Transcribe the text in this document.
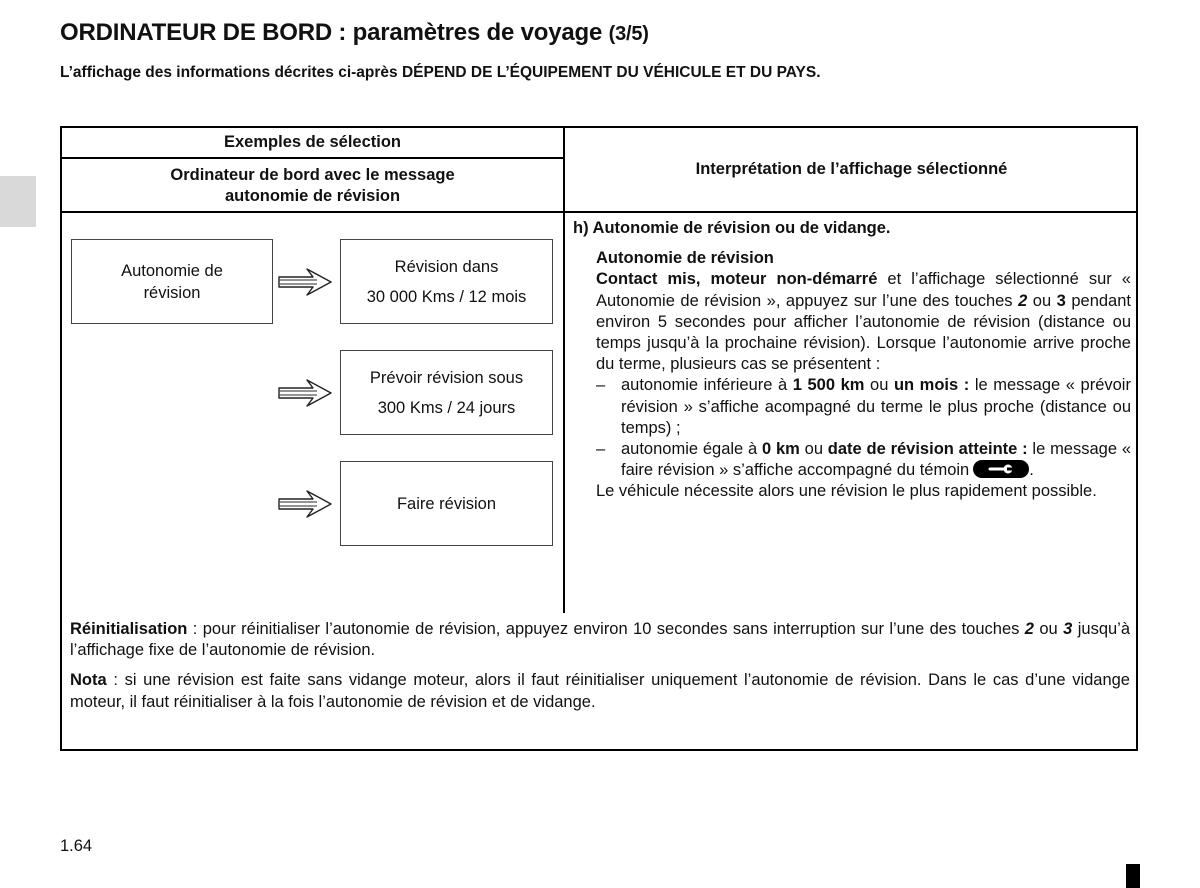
ORDINATEUR DE BORD : paramètres de voyage (3/5)
L’affichage des informations décrites ci-après DÉPEND DE L’ÉQUIPEMENT DU VÉHICULE ET DU PAYS.
Exemples de sélection
Ordinateur de bord avec le message
autonomie de révision
Interprétation de l’affichage sélectionné
Autonomie de
révision
Révision dans
30 000 Kms / 12 mois
Prévoir révision sous
300 Kms / 24 jours
Faire révision

h) Autonomie de révision ou de vidange.

Autonomie de révision

Contact mis, moteur non-démarré et l’affichage sélectionné sur « Autonomie de révision », appuyez sur l’une des touches 2 ou 3 pendant environ 5 secondes pour afficher l’autonomie de révision (distance ou temps jusqu’à la prochaine révision). Lorsque l’autonomie arrive proche du terme, plusieurs cas se présentent :

– autonomie inférieure à 1 500 km ou un mois : le message « prévoir révision » s’affiche acompagné du terme le plus proche (distance ou temps) ;

– autonomie égale à 0 km ou date de révision atteinte : le message « faire révision » s’affiche accompagné du témoin	.

Le véhicule nécessite alors une révision le plus rapidement possible.

Réinitialisation : pour réinitialiser l’autonomie de révision, appuyez environ 10 secondes sans interruption sur l’une des touches 2 ou 3 jusqu’à l’affichage fixe de l’autonomie de révision.

Nota : si une révision est faite sans vidange moteur, alors il faut réinitialiser uniquement l’autonomie de révision. Dans le cas d’une vidange moteur, il faut réinitialiser à la fois l’autonomie de révision et de vidange.

1.64
